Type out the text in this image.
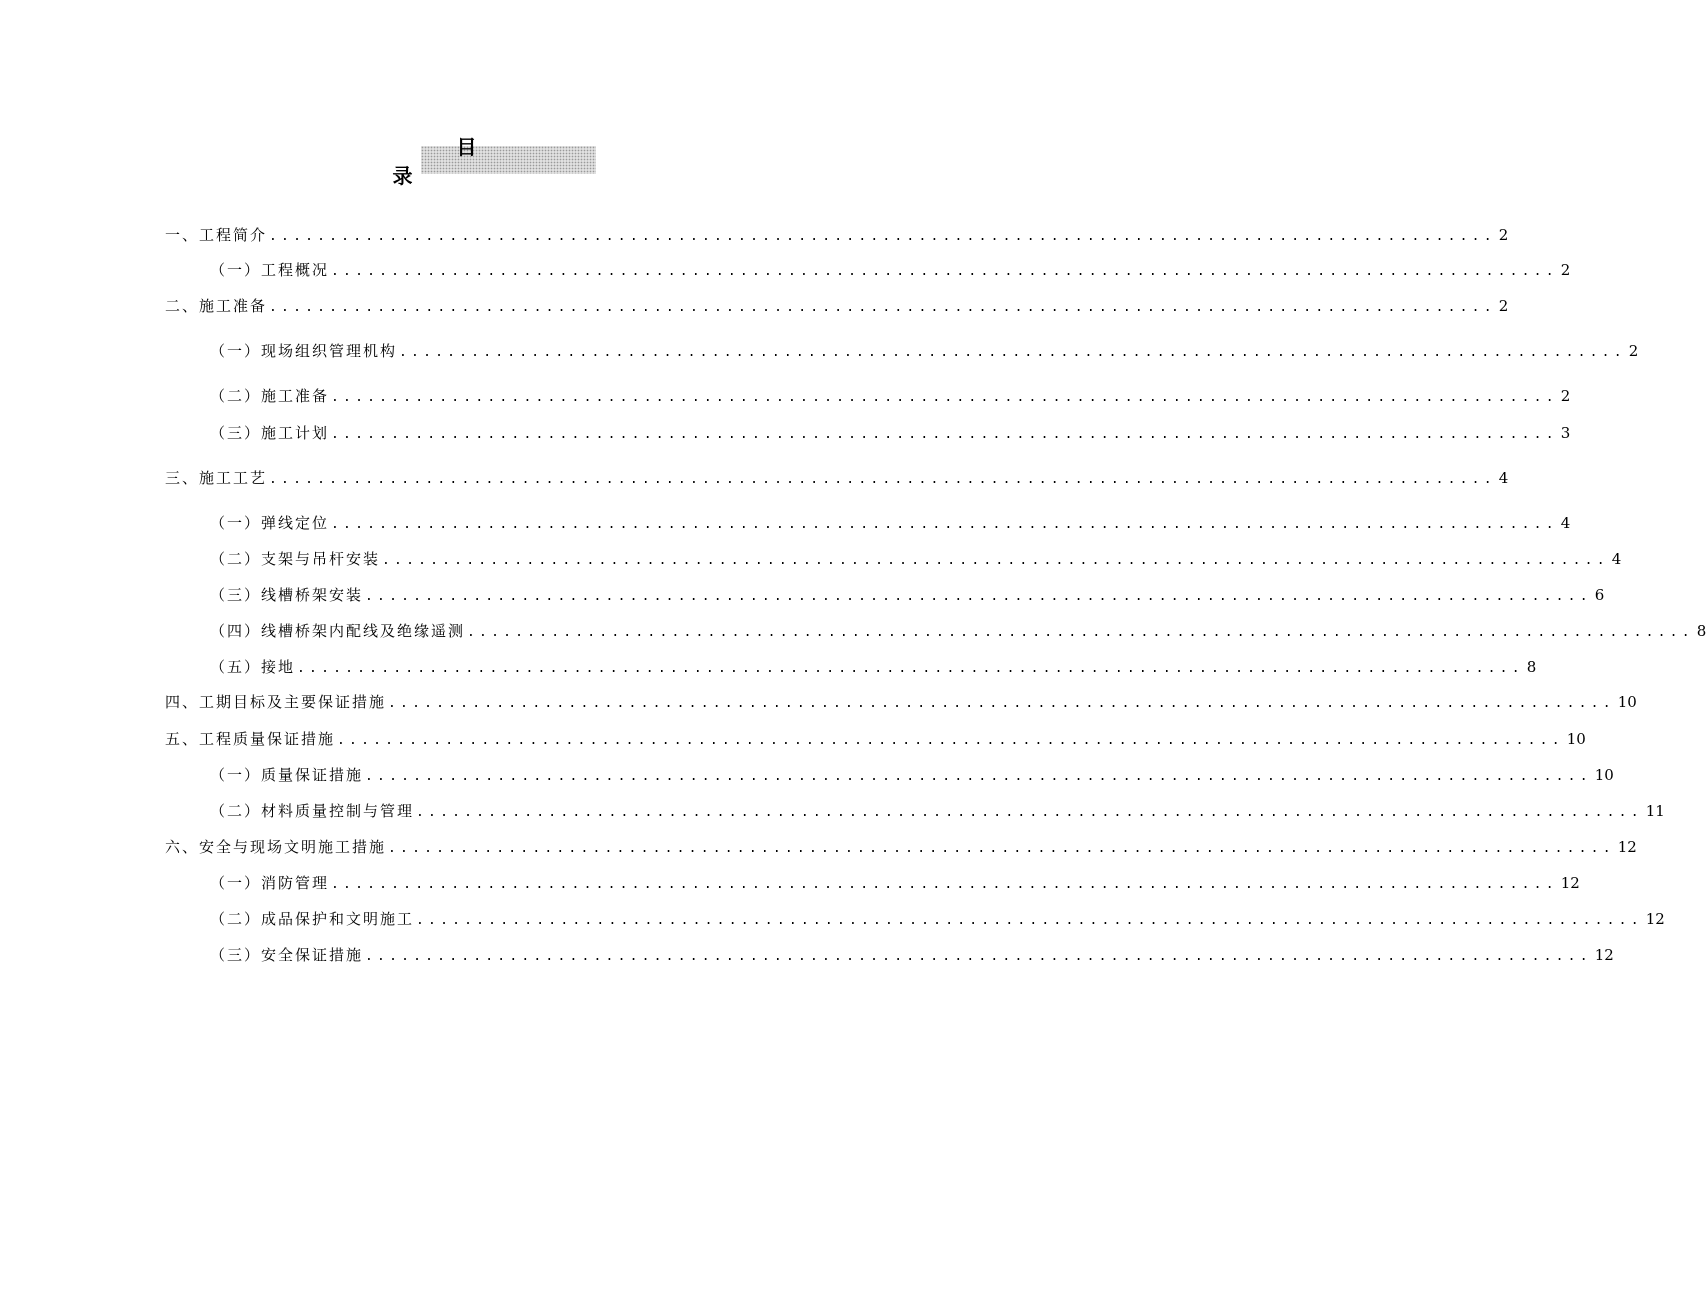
目　录
一、工程简介 ...................................................................................................... 2
（一）工程概况 ...................................................................................................... 2
二、施工准备 ...................................................................................................... 2
（一）现场组织管理机构 ...................................................................................................... 2
（二）施工准备 ...................................................................................................... 2
（三）施工计划 ...................................................................................................... 3
三、施工工艺 ...................................................................................................... 4
（一）弹线定位 ...................................................................................................... 4
（二）支架与吊杆安装 ...................................................................................................... 4
（三）线槽桥架安装 ...................................................................................................... 6
（四）线槽桥架内配线及绝缘遥测 ...................................................................................................... 8
（五）接地 ...................................................................................................... 8
四、工期目标及主要保证措施 ...................................................................................................... 10
五、工程质量保证措施 ...................................................................................................... 10
（一）质量保证措施 ...................................................................................................... 10
（二）材料质量控制与管理 ...................................................................................................... 11
六、安全与现场文明施工措施 ...................................................................................................... 12
（一）消防管理 ...................................................................................................... 12
（二）成品保护和文明施工 ...................................................................................................... 12
（三）安全保证措施 ...................................................................................................... 12
